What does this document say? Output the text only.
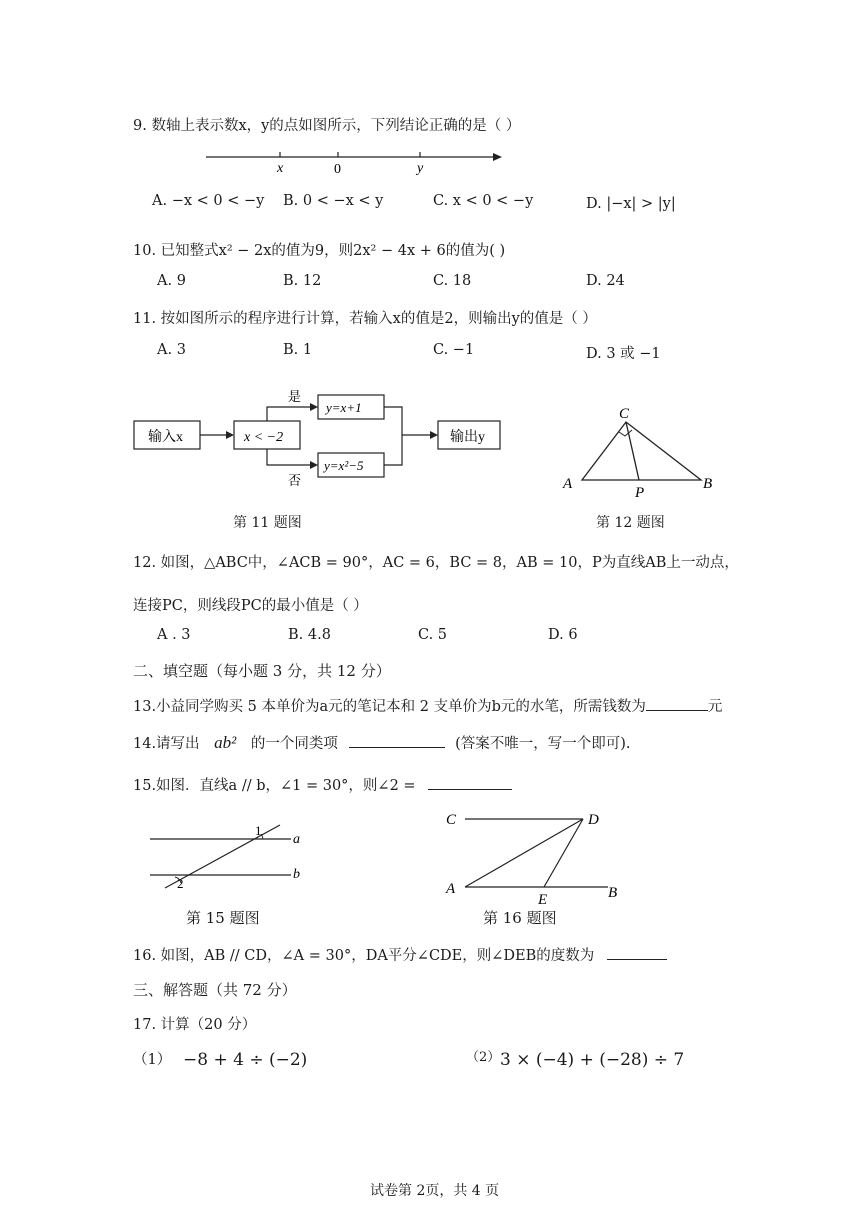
9. 数轴上表示数x，y的点如图所示，下列结论正确的是（ ）
x	0	y
A. −x < 0 < −y B. 0 < −x < y	C. x < 0 < −y	D. |−x| > |y|
10. 已知整式x² − 2x的值为9，则2x² − 4x + 6的值为( )
A. 9	B. 12	C. 18	D. 24
11. 按如图所示的程序进行计算，若输入x的值是2，则输出y的值是（ ）
A. 3	B. 1	C. −1	D. 3 或 −1
输入x	x < −2
是
否
y=x+1
y=x²−5
输出y
C
A
P
B
第 11 题图	第 12 题图
12. 如图，△ABC中，∠ACB = 90°，AC = 6，BC = 8，AB = 10，P为直线AB上一动点，
连接PC，则线段PC的最小值是（ ）
A . 3	B. 4.8	C. 5	D. 6
二、填空题（每小题 3 分，共 12 分）
13.小益同学购买 5 本单价为a元的笔记本和 2 支单价为b元的水笔，所需钱数为	元
14.请写出 ab² 的一个同类项	(答案不唯一，写一个即可).
15.如图．直线a // b，∠1 = 30°，则∠2 =
1
a
2
b
C	D
A
E	B
第 15 题图	第 16 题图
16. 如图，AB // CD，∠A = 30°，DA平分∠CDE，则∠DEB的度数为
三、解答题（共 72 分）
17. 计算（20 分）
（1） −8 + 4 ÷ (−2)	（2） 3 × (−4) + (−28) ÷ 7
试卷第 2页，共 4 页
